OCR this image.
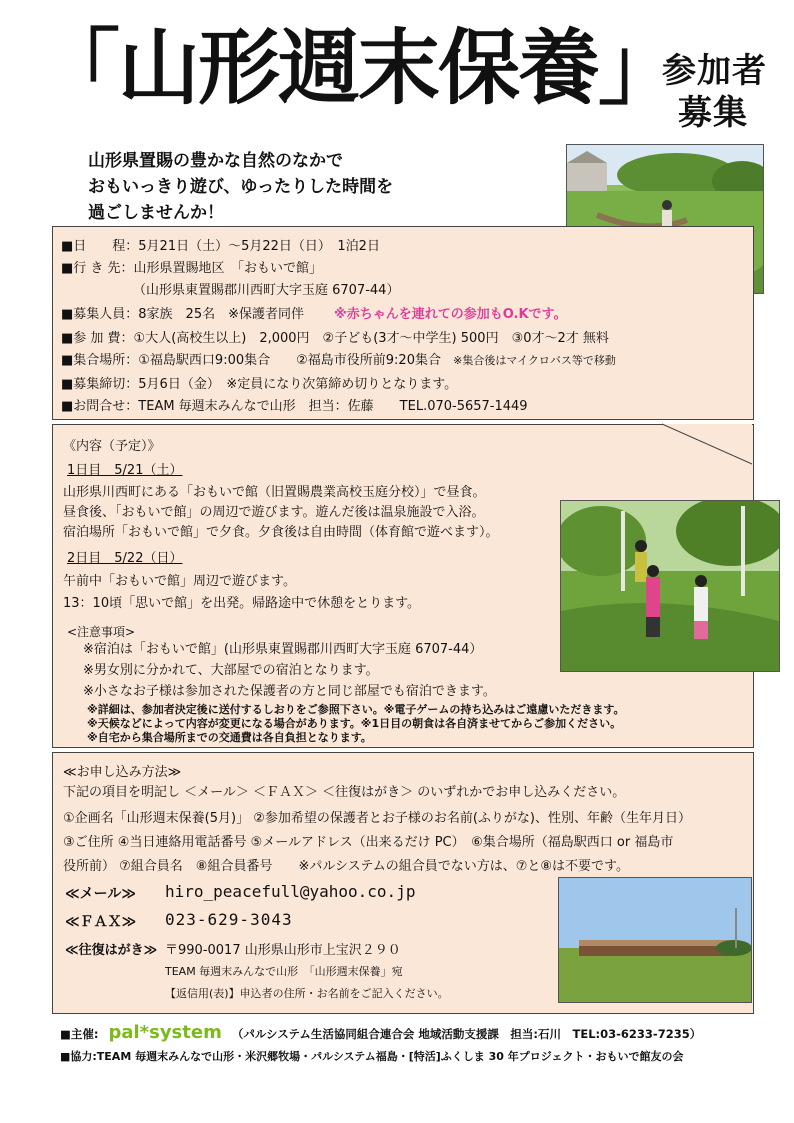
「山形週末保養」
参加者
募集
山形県置賜の豊かな自然のなかで
おもいっきり遊び、ゆったりした時間を
過ごしませんか！
■日　　程：5月21日（土）～5月22日（日）　1泊2日
■行 き 先：山形県置賜地区　「おもいで館」
（山形県東置賜郡川西町大字玉庭 6707-44）
■募集人員：8家族　25名　※保護者同伴 ※赤ちゃんを連れての参加もO.Kです。
■参 加 費：①大人(高校生以上)　2,000円　②子ども(3才～中学生) 500円　③0才～2才 無料
■集合場所：①福島駅西口9:00集合　　②福島市役所前9:20集合 ※集合後はマイクロバス等で移動
■募集締切：5月6日（金）　※定員になり次第締め切りとなります。
■お問合せ：TEAM 毎週末みんなで山形　担当：佐藤　　TEL.070-5657-1449
《内容（予定）》
1日目　5/21（土）
山形県川西町にある「おもいで館（旧置賜農業高校玉庭分校）」で昼食。
昼食後、「おもいで館」の周辺で遊びます。遊んだ後は温泉施設で入浴。
宿泊場所「おもいで館」で夕食。夕食後は自由時間（体育館で遊べます）。
2日目　5/22（日）
午前中「おもいで館」周辺で遊びます。
13：10頃「思いで館」を出発。帰路途中で休憩をとります。
<注意事項>
※宿泊は「おもいで館」(山形県東置賜郡川西町大字玉庭 6707-44）
※男女別に分かれて、大部屋での宿泊となります。
※小さなお子様は参加された保護者の方と同じ部屋でも宿泊できます。
※詳細は、参加者決定後に送付するしおりをご参照下さい。※電子ゲームの持ち込みはご遠慮いただきます。
※天候などによって内容が変更になる場合があります。※1日目の朝食は各自済ませてからご参加ください。
※自宅から集合場所までの交通費は各自負担となります。
≪お申し込み方法≫
下記の項目を明記し ＜メール＞ ＜ＦＡＸ＞ ＜往復はがき＞ のいずれかでお申し込みください。
①企画名「山形週末保養(5月)」 ②参加希望の保護者とお子様のお名前(ふりがな)、性別、年齢（生年月日）
③ご住所 ④当日連絡用電話番号 ⑤メールアドレス（出来るだけ PC）　⑥集合場所（福島駅西口 or 福島市
役所前） ⑦組合員名　⑧組合員番号　　※パルシステムの組合員でない方は、⑦と⑧は不要です。
≪メール≫ hiro_peacefull@yahoo.co.jp
≪ＦＡＸ≫ 023-629-3043
≪往復はがき≫ 〒990-0017 山形県山形市上宝沢２９０
TEAM 毎週末みんなで山形　「山形週末保養」宛
【返信用(表)】申込者の住所・お名前をご記入ください。
■主催: pal*system （パルシステム生活協同組合連合会 地域活動支援課　担当:石川　TEL:03-6233-7235）
■協力:TEAM 毎週末みんなで山形・米沢郷牧場・パルシステム福島・[特活]ふくしま 30 年プロジェクト・おもいで館友の会
